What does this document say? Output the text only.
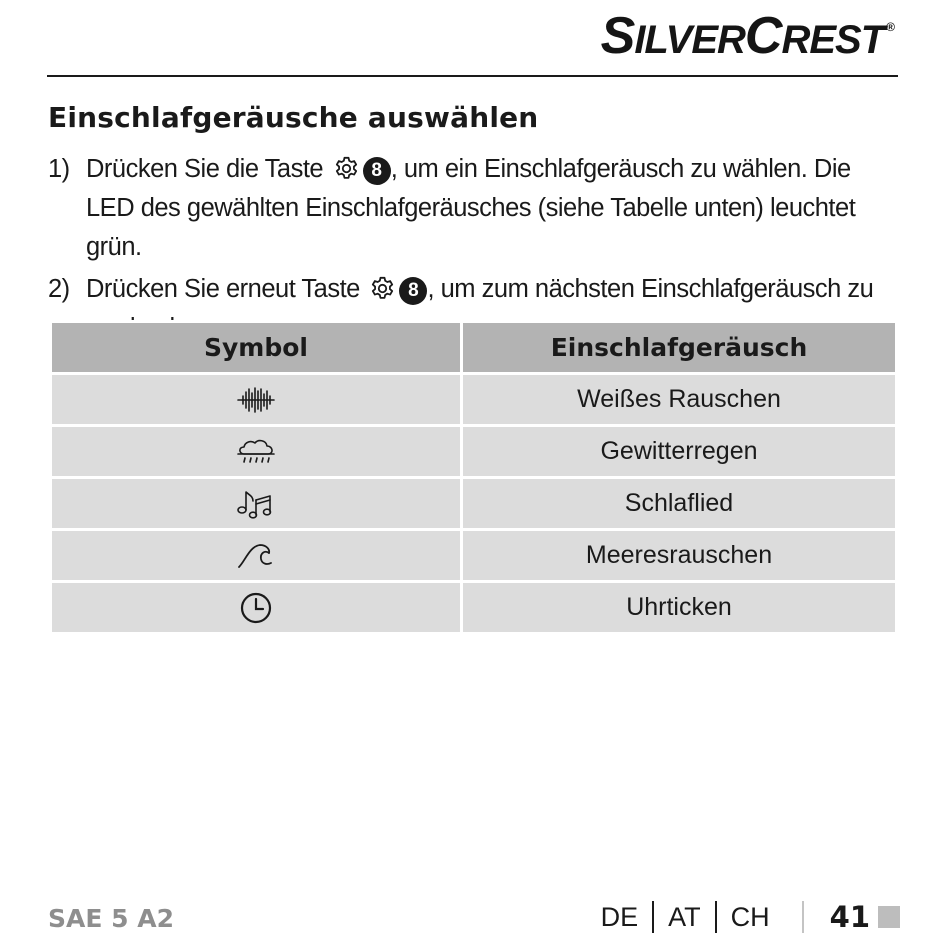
SILVERCREST ®
Einschlafgeräusche auswählen
1) Drücken Sie die Taste	8 , um ein Einschlafgeräusch zu wählen. Die LED des gewählten Einschlafgeräusches (siehe Tabelle unten) leuchtet grün.
2) Drücken Sie erneut Taste	8 , um zum nächsten Einschlafgeräusch zu
Symbol	Einschlafgeräusch
	Weißes Rauschen
	Gewitterregen
	Schlaflied
	Meeresrauschen
	Uhrticken
SAE 5 A2	DE AT CH 41
